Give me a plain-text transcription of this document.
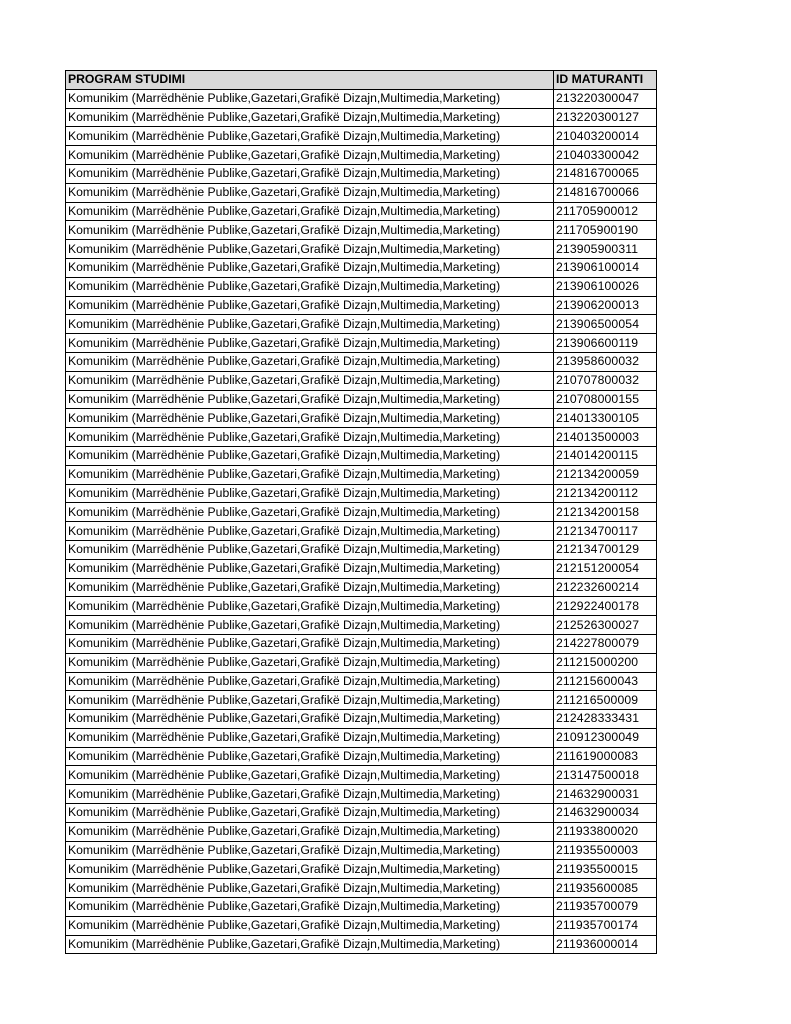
PROGRAM STUDIMI	ID MATURANTI
Komunikim (Marrëdhënie Publike,Gazetari,Grafikë Dizajn,Multimedia,Marketing)	213220300047
Komunikim (Marrëdhënie Publike,Gazetari,Grafikë Dizajn,Multimedia,Marketing)	213220300127
Komunikim (Marrëdhënie Publike,Gazetari,Grafikë Dizajn,Multimedia,Marketing)	210403200014
Komunikim (Marrëdhënie Publike,Gazetari,Grafikë Dizajn,Multimedia,Marketing)	210403300042
Komunikim (Marrëdhënie Publike,Gazetari,Grafikë Dizajn,Multimedia,Marketing)	214816700065
Komunikim (Marrëdhënie Publike,Gazetari,Grafikë Dizajn,Multimedia,Marketing)	214816700066
Komunikim (Marrëdhënie Publike,Gazetari,Grafikë Dizajn,Multimedia,Marketing)	211705900012
Komunikim (Marrëdhënie Publike,Gazetari,Grafikë Dizajn,Multimedia,Marketing)	211705900190
Komunikim (Marrëdhënie Publike,Gazetari,Grafikë Dizajn,Multimedia,Marketing)	213905900311
Komunikim (Marrëdhënie Publike,Gazetari,Grafikë Dizajn,Multimedia,Marketing)	213906100014
Komunikim (Marrëdhënie Publike,Gazetari,Grafikë Dizajn,Multimedia,Marketing)	213906100026
Komunikim (Marrëdhënie Publike,Gazetari,Grafikë Dizajn,Multimedia,Marketing)	213906200013
Komunikim (Marrëdhënie Publike,Gazetari,Grafikë Dizajn,Multimedia,Marketing)	213906500054
Komunikim (Marrëdhënie Publike,Gazetari,Grafikë Dizajn,Multimedia,Marketing)	213906600119
Komunikim (Marrëdhënie Publike,Gazetari,Grafikë Dizajn,Multimedia,Marketing)	213958600032
Komunikim (Marrëdhënie Publike,Gazetari,Grafikë Dizajn,Multimedia,Marketing)	210707800032
Komunikim (Marrëdhënie Publike,Gazetari,Grafikë Dizajn,Multimedia,Marketing)	210708000155
Komunikim (Marrëdhënie Publike,Gazetari,Grafikë Dizajn,Multimedia,Marketing)	214013300105
Komunikim (Marrëdhënie Publike,Gazetari,Grafikë Dizajn,Multimedia,Marketing)	214013500003
Komunikim (Marrëdhënie Publike,Gazetari,Grafikë Dizajn,Multimedia,Marketing)	214014200115
Komunikim (Marrëdhënie Publike,Gazetari,Grafikë Dizajn,Multimedia,Marketing)	212134200059
Komunikim (Marrëdhënie Publike,Gazetari,Grafikë Dizajn,Multimedia,Marketing)	212134200112
Komunikim (Marrëdhënie Publike,Gazetari,Grafikë Dizajn,Multimedia,Marketing)	212134200158
Komunikim (Marrëdhënie Publike,Gazetari,Grafikë Dizajn,Multimedia,Marketing)	212134700117
Komunikim (Marrëdhënie Publike,Gazetari,Grafikë Dizajn,Multimedia,Marketing)	212134700129
Komunikim (Marrëdhënie Publike,Gazetari,Grafikë Dizajn,Multimedia,Marketing)	212151200054
Komunikim (Marrëdhënie Publike,Gazetari,Grafikë Dizajn,Multimedia,Marketing)	212232600214
Komunikim (Marrëdhënie Publike,Gazetari,Grafikë Dizajn,Multimedia,Marketing)	212922400178
Komunikim (Marrëdhënie Publike,Gazetari,Grafikë Dizajn,Multimedia,Marketing)	212526300027
Komunikim (Marrëdhënie Publike,Gazetari,Grafikë Dizajn,Multimedia,Marketing)	214227800079
Komunikim (Marrëdhënie Publike,Gazetari,Grafikë Dizajn,Multimedia,Marketing)	211215000200
Komunikim (Marrëdhënie Publike,Gazetari,Grafikë Dizajn,Multimedia,Marketing)	211215600043
Komunikim (Marrëdhënie Publike,Gazetari,Grafikë Dizajn,Multimedia,Marketing)	211216500009
Komunikim (Marrëdhënie Publike,Gazetari,Grafikë Dizajn,Multimedia,Marketing)	212428333431
Komunikim (Marrëdhënie Publike,Gazetari,Grafikë Dizajn,Multimedia,Marketing)	210912300049
Komunikim (Marrëdhënie Publike,Gazetari,Grafikë Dizajn,Multimedia,Marketing)	211619000083
Komunikim (Marrëdhënie Publike,Gazetari,Grafikë Dizajn,Multimedia,Marketing)	213147500018
Komunikim (Marrëdhënie Publike,Gazetari,Grafikë Dizajn,Multimedia,Marketing)	214632900031
Komunikim (Marrëdhënie Publike,Gazetari,Grafikë Dizajn,Multimedia,Marketing)	214632900034
Komunikim (Marrëdhënie Publike,Gazetari,Grafikë Dizajn,Multimedia,Marketing)	211933800020
Komunikim (Marrëdhënie Publike,Gazetari,Grafikë Dizajn,Multimedia,Marketing)	211935500003
Komunikim (Marrëdhënie Publike,Gazetari,Grafikë Dizajn,Multimedia,Marketing)	211935500015
Komunikim (Marrëdhënie Publike,Gazetari,Grafikë Dizajn,Multimedia,Marketing)	211935600085
Komunikim (Marrëdhënie Publike,Gazetari,Grafikë Dizajn,Multimedia,Marketing)	211935700079
Komunikim (Marrëdhënie Publike,Gazetari,Grafikë Dizajn,Multimedia,Marketing)	211935700174
Komunikim (Marrëdhënie Publike,Gazetari,Grafikë Dizajn,Multimedia,Marketing)	211936000014
